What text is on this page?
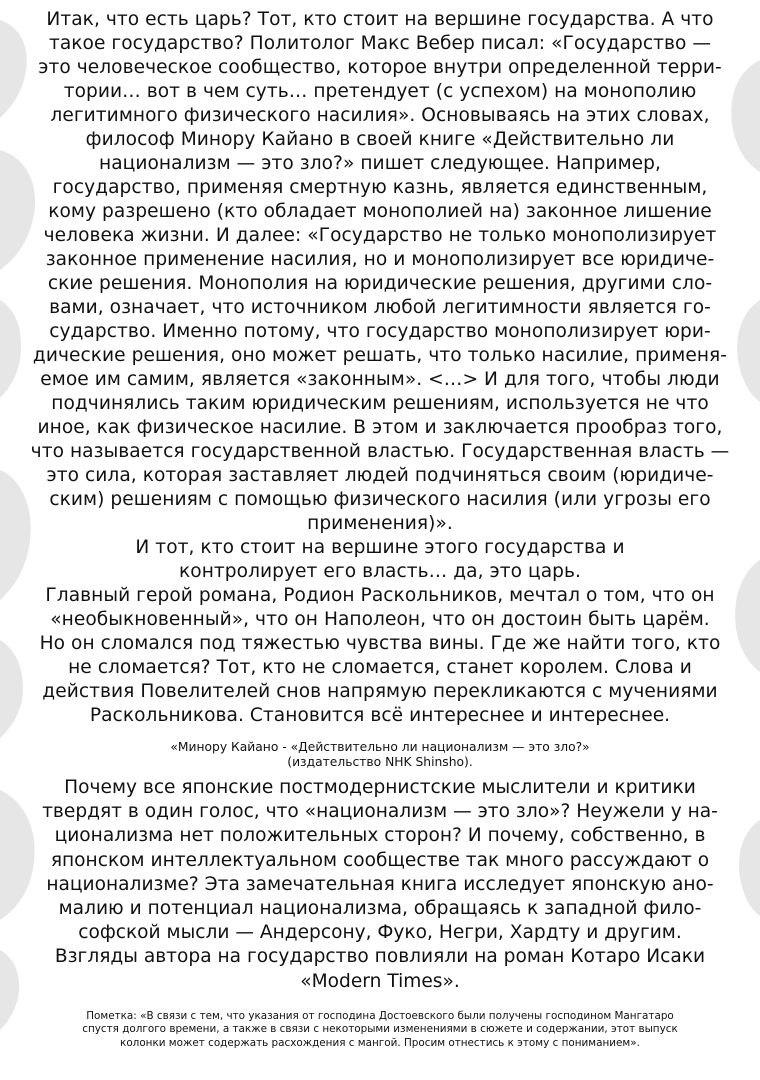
Итак, что есть царь? Тот, кто стоит на вершине государства. А что

такое государство? Политолог Макс Вебер писал: «Государство —

это человеческое сообщество, которое внутри определенной терри-

тории… вот в чем суть… претендует (с успехом) на монополию

легитимного физического насилия». Основываясь на этих словах,

философ Минору Кайано в своей книге «Действительно ли

национализм — это зло?» пишет следующее. Например,

государство, применяя смертную казнь, является единственным,

кому разрешено (кто обладает монополией на) законное лишение

человека жизни. И далее: «Государство не только монополизирует

законное применение насилия, но и монополизирует все юридиче-

ские решения. Монополия на юридические решения, другими сло-

вами, означает, что источником любой легитимности является го-

сударство. Именно потому, что государство монополизирует юри-

дические решения, оно может решать, что только насилие, применя-

емое им самим, является «законным». <…> И для того, чтобы люди

подчинялись таким юридическим решениям, используется не что

иное, как физическое насилие. В этом и заключается прообраз того,

что называется государственной властью. Государственная власть —

это сила, которая заставляет людей подчиняться своим (юридиче-

ским) решениям с помощью физического насилия (или угрозы его

применения)».

И тот, кто стоит на вершине этого государства и

контролирует его власть… да, это царь.

Главный герой романа, Родион Раскольников, мечтал о том, что он

«необыкновенный», что он Наполеон, что он достоин быть царём.

Но он сломался под тяжестью чувства вины. Где же найти того, кто

не сломается? Тот, кто не сломается, станет королем. Слова и

действия Повелителей снов напрямую перекликаются с мучениями

Раскольникова. Становится всё интереснее и интереснее.

«Минору Кайано - «Действительно ли национализм — это зло?»

(издательство NHK Shinsho).

Почему все японские постмодернистские мыслители и критики

твердят в один голос, что «национализм — это зло»? Неужели у на-

ционализма нет положительных сторон? И почему, собственно, в

японском интеллектуальном сообществе так много рассуждают о

национализме? Эта замечательная книга исследует японскую ано-

малию и потенциал национализма, обращаясь к западной фило-

софской мысли — Андерсону, Фуко, Негри, Хардту и другим.

Взгляды автора на государство повлияли на роман Котаро Исаки

«Modern Times».

Пометка: «В связи с тем, что указания от господина Достоевского были получены господином Мангатаро

спустя долгого времени, а также в связи с некоторыми изменениями в сюжете и содержании, этот выпуск

колонки может содержать расхождения с мангой. Просим отнестись к этому с пониманием».
